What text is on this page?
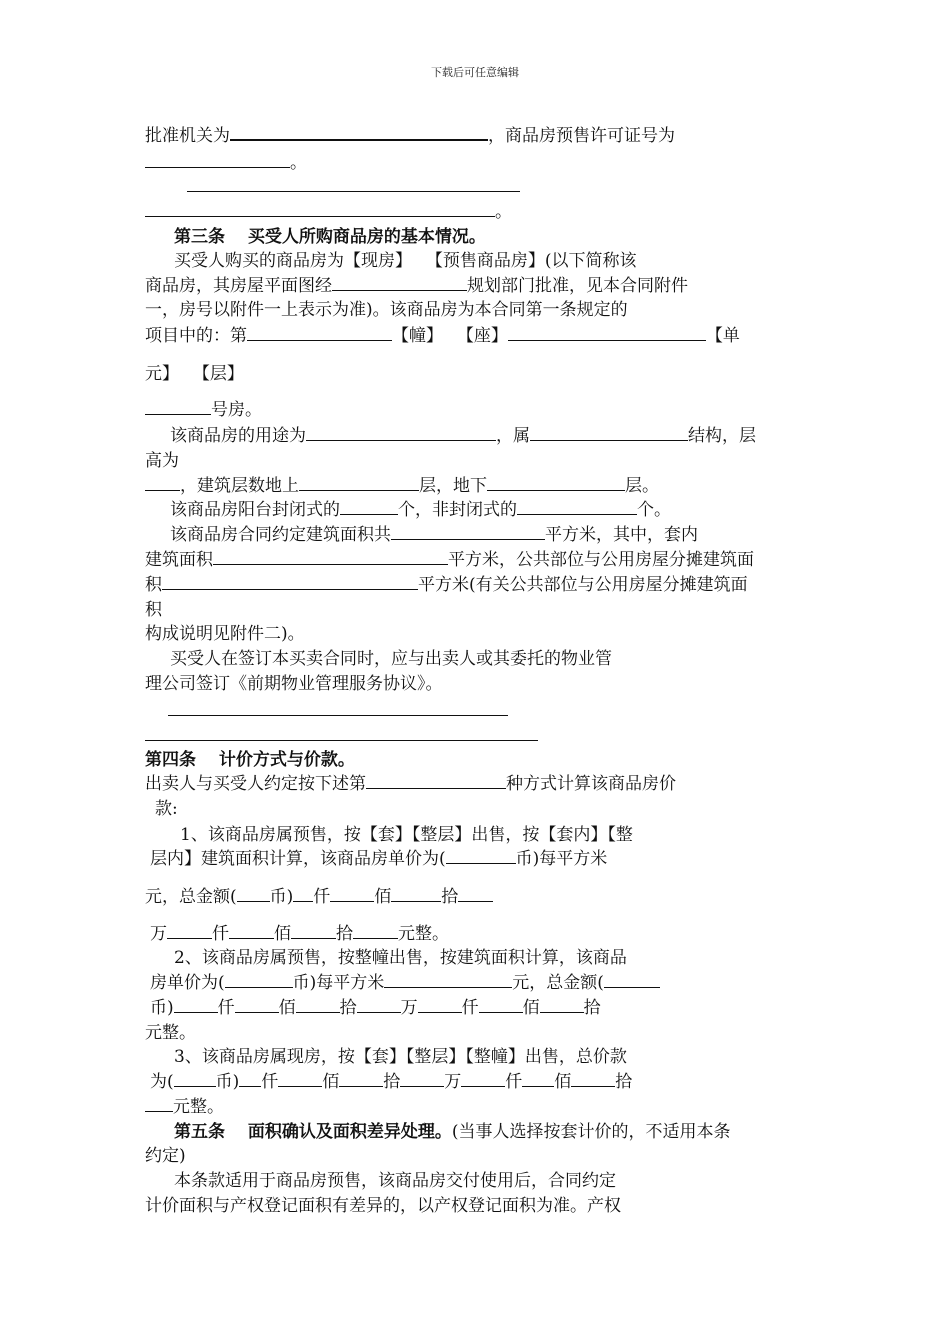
下载后可任意编辑
批准机关为	，商品房预售许可证号为
。
。
第三条　 买受人所购商品房的基本情况。
买受人购买的商品房为【现房】　 【预售商品房】(以下简称该
商品房，其房屋平面图经	规划部门批准，见本合同附件
一，房号以附件一上表示为准)。该商品房为本合同第一条规定的
项目中的：第	【幢】　 【座】	【单
元】　 【层】
号房。
该商品房的用途为	，属	结构，层
高为
，建筑层数地上	层，地下	层。
该商品房阳台封闭式的	个，非封闭式的	个。
该商品房合同约定建筑面积共	平方米，其中，套内
建筑面积	平方米，公共部位与公用房屋分摊建筑面
积	平方米(有关公共部位与公用房屋分摊建筑面
积
构成说明见附件二)。
买受人在签订本买卖合同时，应与出卖人或其委托的物业管
理公司签订《前期物业管理服务协议》。
第四条　 计价方式与价款。
出卖人与买受人约定按下述第	种方式计算该商品房价
款:
1、该商品房属预售，按【套】【整层】出售，按【套内】【整
层内】建筑面积计算，该商品房单价为(	币)每平方米
元，总金额( 币) 仟	佰	拾
万	仟	佰	拾	元整。
2、该商品房属预售，按整幢出售，按建筑面积计算，该商品
房单价为(	币)每平方米	元，总金额(
币)	仟	佰	拾	万	仟	佰	拾
元整。
3、该商品房属现房，按【套】【整层】【整幢】出售，总价款
为( 币) 仟	佰	拾	万	仟 佰	拾
元整。
第五条　 面积确认及面积差异处理。(当事人选择按套计价的，不适用本条
约定)
本条款适用于商品房预售，该商品房交付使用后，合同约定
计价面积与产权登记面积有差异的，以产权登记面积为准。产权
